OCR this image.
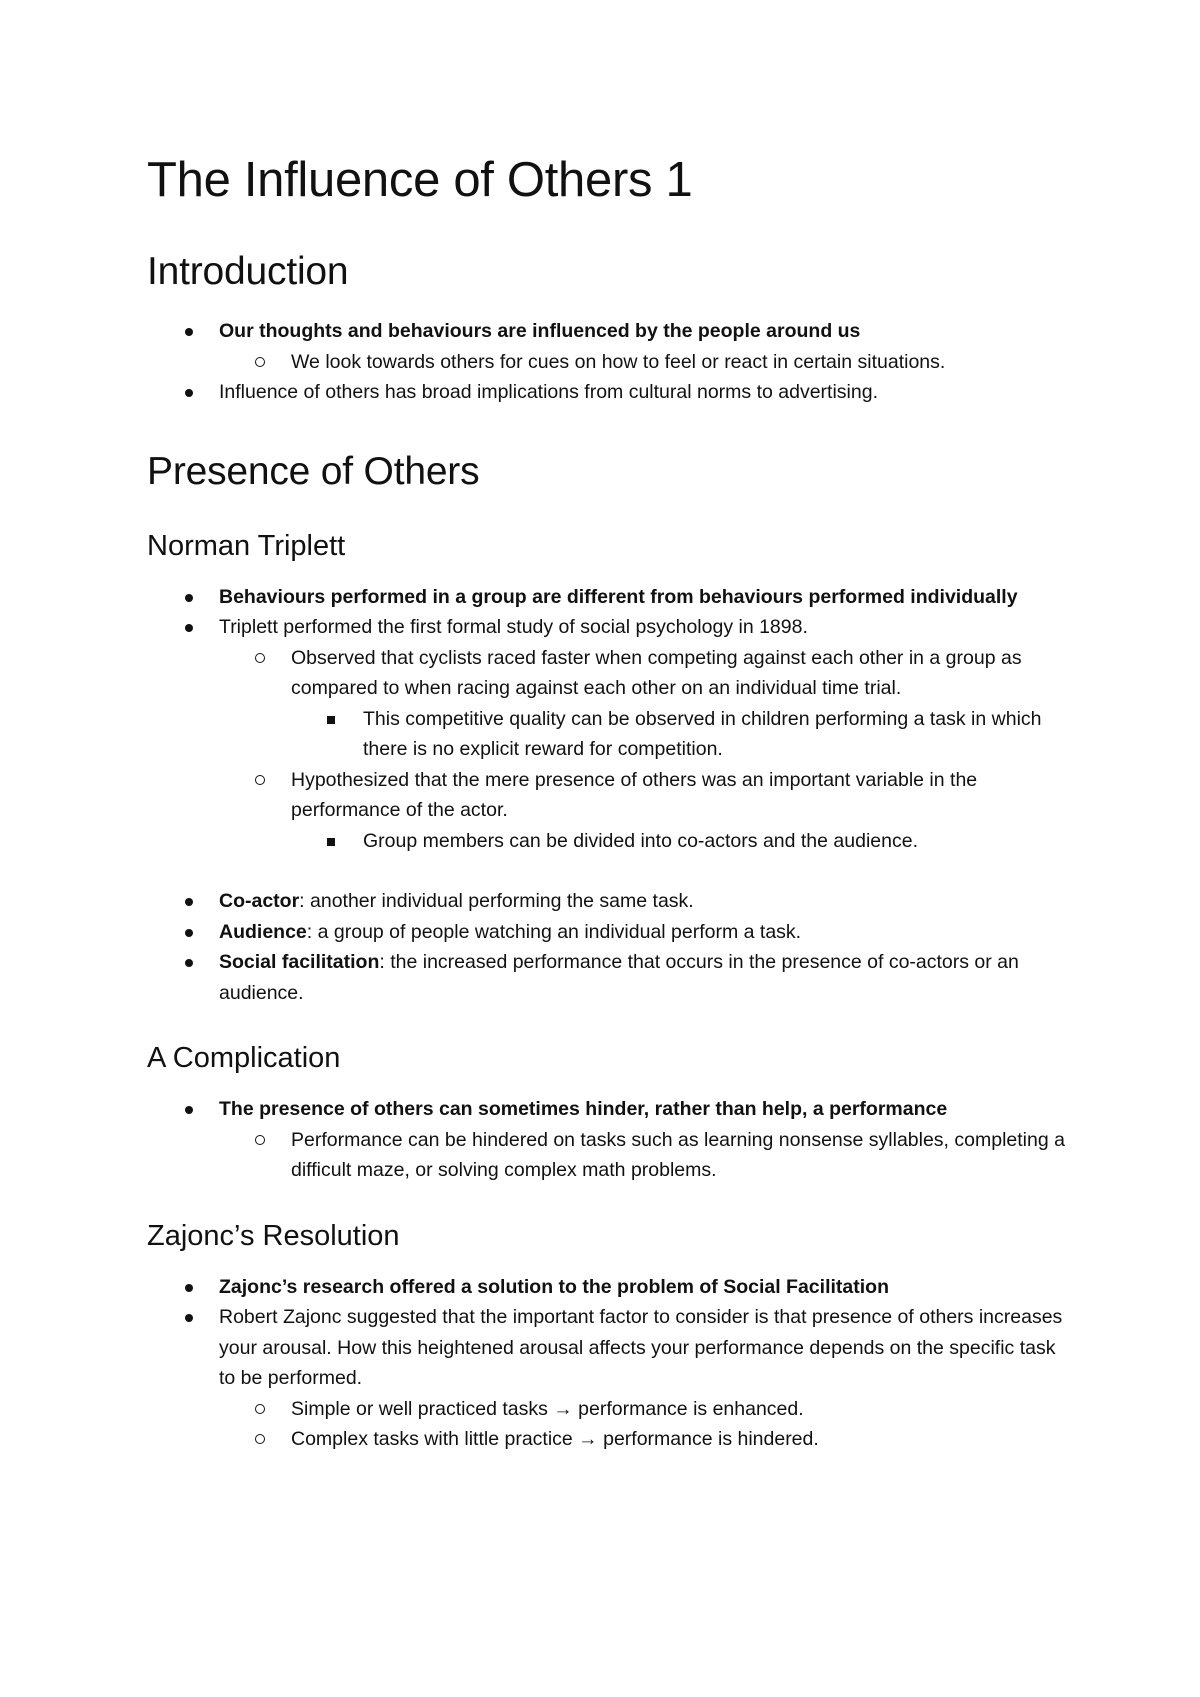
The Influence of Others 1
Introduction
Our thoughts and behaviours are influenced by the people around us
We look towards others for cues on how to feel or react in certain situations.
Influence of others has broad implications from cultural norms to advertising.
Presence of Others
Norman Triplett
Behaviours performed in a group are different from behaviours performed individually
Triplett performed the first formal study of social psychology in 1898.
Observed that cyclists raced faster when competing against each other in a group as compared to when racing against each other on an individual time trial.
This competitive quality can be observed in children performing a task in which there is no explicit reward for competition.
Hypothesized that the mere presence of others was an important variable in the performance of the actor.
Group members can be divided into co-actors and the audience.
Co-actor: another individual performing the same task.
Audience: a group of people watching an individual perform a task.
Social facilitation: the increased performance that occurs in the presence of co-actors or an audience.
A Complication
The presence of others can sometimes hinder, rather than help, a performance
Performance can be hindered on tasks such as learning nonsense syllables, completing a difficult maze, or solving complex math problems.
Zajonc’s Resolution
Zajonc’s research offered a solution to the problem of Social Facilitation
Robert Zajonc suggested that the important factor to consider is that presence of others increases your arousal. How this heightened arousal affects your performance depends on the specific task to be performed.
Simple or well practiced tasks → performance is enhanced.
Complex tasks with little practice → performance is hindered.
